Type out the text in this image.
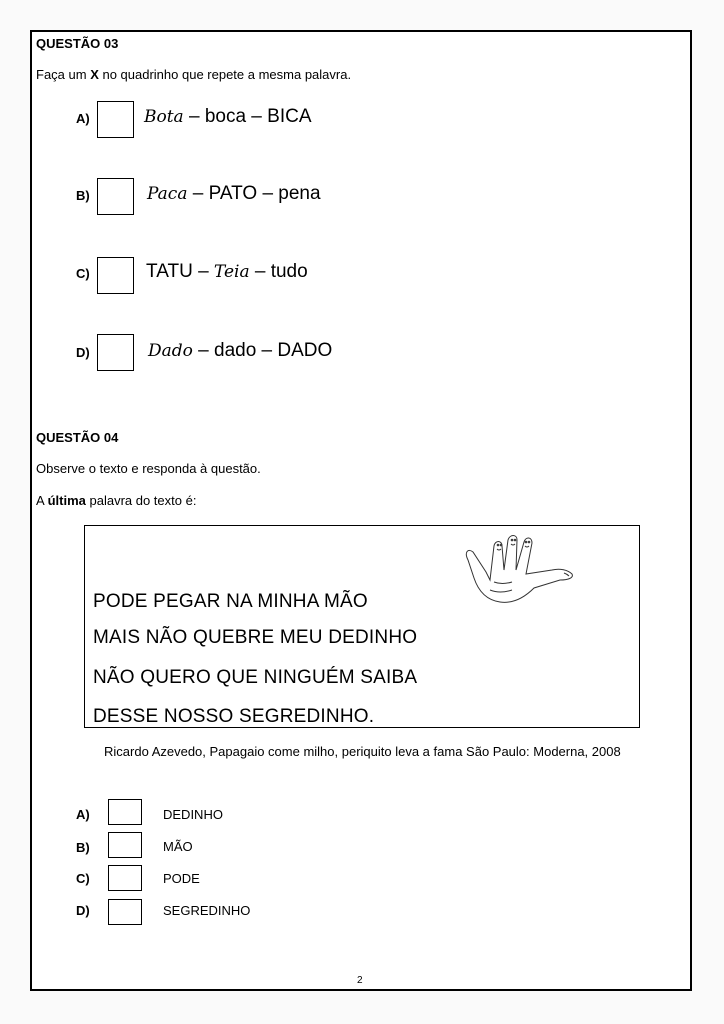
QUESTÃO 03
Faça um X no quadrinho que repete a mesma palavra.
A)	Bota – boca – BICA
B)	Paca – PATO – pena
C)	TATU – Teia – tudo
D)	Dado – dado – DADO
QUESTÃO 04
Observe o texto e responda à questão.
A última palavra do texto é:
PODE PEGAR NA MINHA MÃO
MAIS NÃO QUEBRE MEU DEDINHO
NÃO QUERO QUE NINGUÉM SAIBA
DESSE NOSSO SEGREDINHO.
Ricardo Azevedo, Papagaio come milho, periquito leva a fama São Paulo: Moderna, 2008
A)	DEDINHO
B)	MÃO
C)	PODE
D)	SEGREDINHO
2
